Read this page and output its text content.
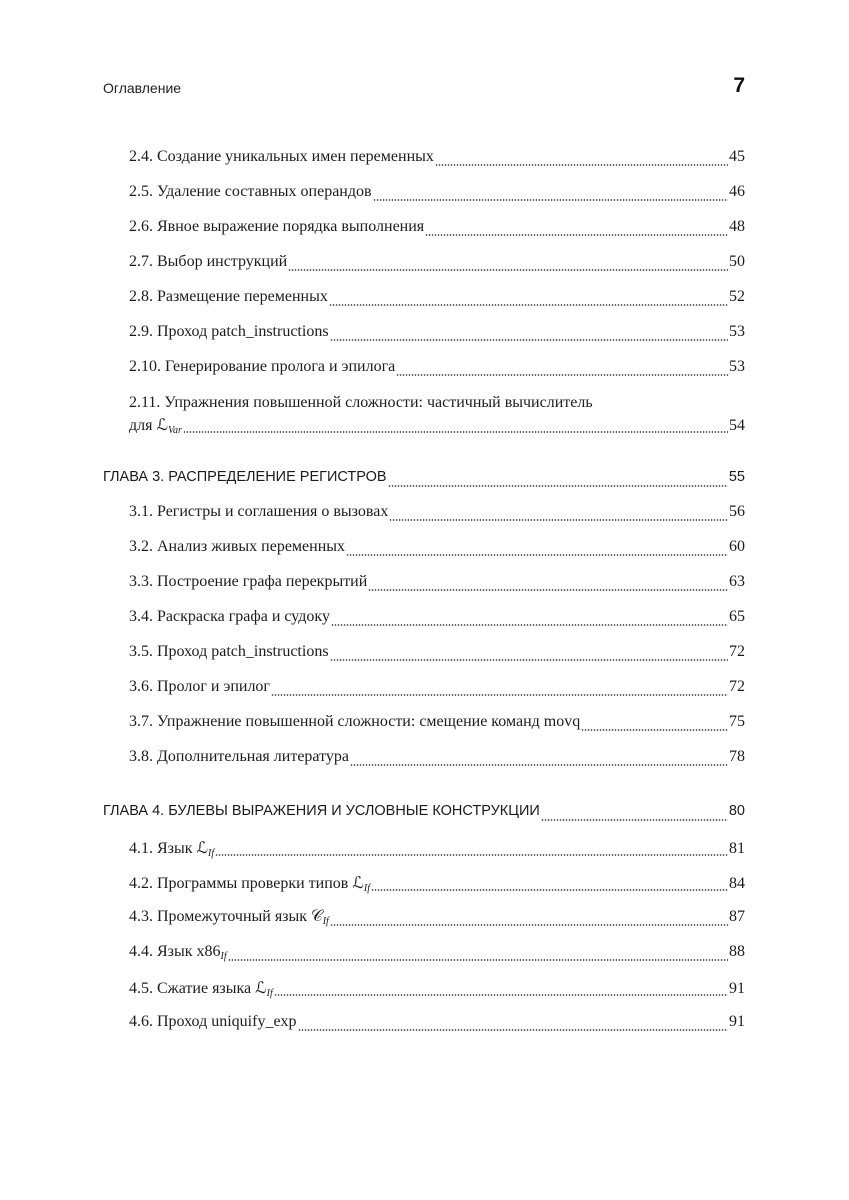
Оглавление	7
2.4. Создание уникальных имен переменных	45
2.5. Удаление составных операндов	46
2.6. Явное выражение порядка выполнения	48
2.7. Выбор инструкций	50
2.8. Размещение переменных	52
2.9. Проход patch_instructions	53
2.10. Генерирование пролога и эпилога	53
2.11. Упражнения повышенной сложности: частичный вычислитель
для ℒVar	54
ГЛАВА 3. РАСПРЕДЕЛЕНИЕ РЕГИСТРОВ	55
3.1. Регистры и соглашения о вызовах	56
3.2. Анализ живых переменных	60
3.3. Построение графа перекрытий	63
3.4. Раскраска графа и судоку	65
3.5. Проход patch_instructions	72
3.6. Пролог и эпилог	72
3.7. Упражнение повышенной сложности: смещение команд movq	75
3.8. Дополнительная литература	78
ГЛАВА 4. БУЛЕВЫ ВЫРАЖЕНИЯ И УСЛОВНЫЕ КОНСТРУКЦИИ	80
4.1. Язык ℒIf	81
4.2. Программы проверки типов ℒIf	84
4.3. Промежуточный язык 𝒞If	87
4.4. Язык x86If	88
4.5. Сжатие языка ℒIf	91
4.6. Проход uniquify_exp	91
